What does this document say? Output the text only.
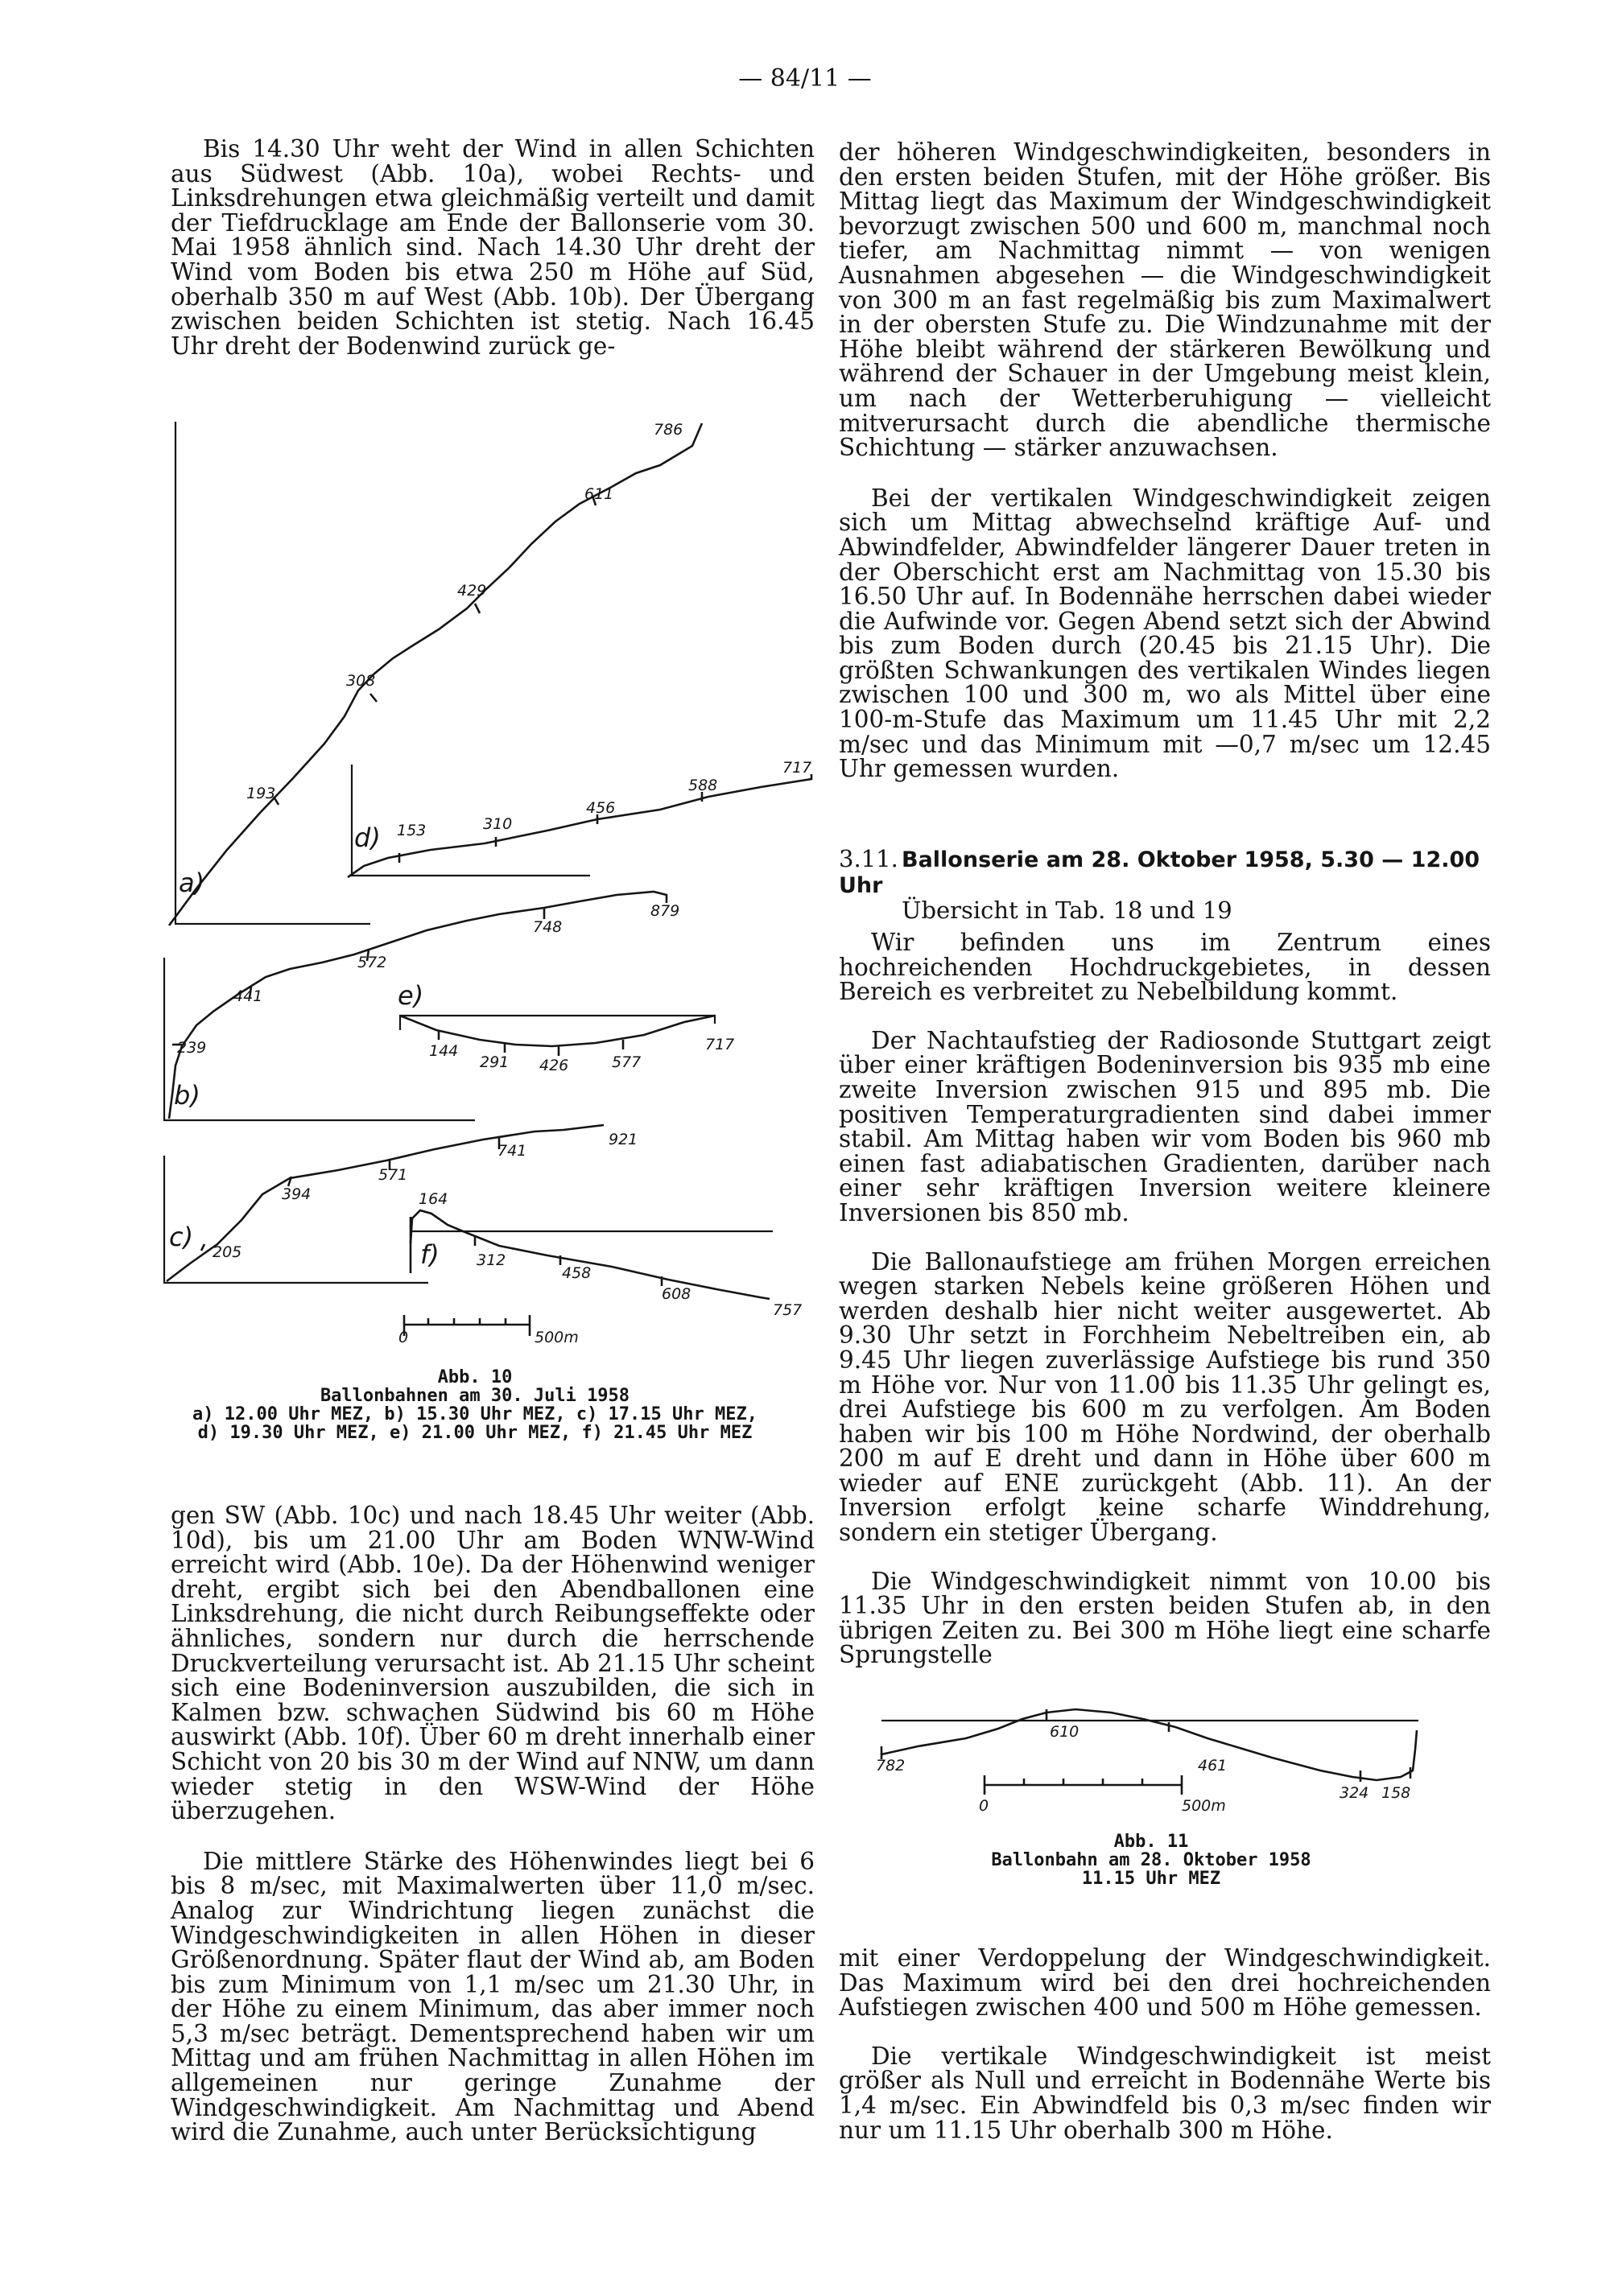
— 84/11 —

Bis 14.30 Uhr weht der Wind in allen Schichten aus Südwest (Abb. 10a), wobei Rechts- und Linksdrehungen etwa gleichmäßig verteilt und damit der Tiefdrucklage am Ende der Ballonserie vom 30. Mai 1958 ähnlich sind. Nach 14.30 Uhr dreht der Wind vom Boden bis etwa 250 m Höhe auf Süd, oberhalb 350 m auf West (Abb. 10b). Der Übergang zwischen beiden Schichten ist stetig. Nach 16.45 Uhr dreht der Bodenwind zurück ge-

a)
193
308
429
611
786
d) 153	310
456
588
717
b)
239
441
572
748
879
e)
144
291 426	577
717
c) 205
394
571
741
921
f)
164
312
458
608
757
0	500m
Abb. 10
Ballonbahnen am 30. Juli 1958
a) 12.00 Uhr MEZ, b) 15.30 Uhr MEZ, c) 17.15 Uhr MEZ,
d) 19.30 Uhr MEZ, e) 21.00 Uhr MEZ, f) 21.45 Uhr MEZ

gen SW (Abb. 10c) und nach 18.45 Uhr weiter (Abb. 10d), bis um 21.00 Uhr am Boden WNW-Wind erreicht wird (Abb. 10e). Da der Höhenwind weniger dreht, ergibt sich bei den Abendballonen eine Linksdrehung, die nicht durch Reibungseffekte oder ähnliches, sondern nur durch die herrschende Druckverteilung verursacht ist. Ab 21.15 Uhr scheint sich eine Bodeninversion auszubilden, die sich in Kalmen bzw. schwachen Südwind bis 60 m Höhe auswirkt (Abb. 10f). Über 60 m dreht innerhalb einer Schicht von 20 bis 30 m der Wind auf NNW, um dann wieder stetig in den WSW-Wind der Höhe überzugehen.

Die mittlere Stärke des Höhenwindes liegt bei 6 bis 8 m/sec, mit Maximalwerten über 11,0 m/sec. Analog zur Windrichtung liegen zunächst die Windgeschwindigkeiten in allen Höhen in dieser Größenordnung. Später flaut der Wind ab, am Boden bis zum Minimum von 1,1 m/sec um 21.30 Uhr, in der Höhe zu einem Minimum, das aber immer noch 5,3 m/sec beträgt. Dementsprechend haben wir um Mittag und am frühen Nachmittag in allen Höhen im allgemeinen nur geringe Zunahme der Windgeschwindigkeit. Am Nachmittag und Abend wird die Zunahme, auch unter Berücksichtigung

der höheren Windgeschwindigkeiten, besonders in den ersten beiden Stufen, mit der Höhe größer. Bis Mittag liegt das Maximum der Windgeschwindigkeit bevorzugt zwischen 500 und 600 m, manchmal noch tiefer, am Nachmittag nimmt — von wenigen Ausnahmen abgesehen — die Windgeschwindigkeit von 300 m an fast regelmäßig bis zum Maximalwert in der obersten Stufe zu. Die Windzunahme mit der Höhe bleibt während der stärkeren Bewölkung und während der Schauer in der Umgebung meist klein, um nach der Wetterberuhigung — vielleicht mitverursacht durch die abendliche thermische Schichtung — stärker anzuwachsen.

Bei der vertikalen Windgeschwindigkeit zeigen sich um Mittag abwechselnd kräftige Auf- und Abwindfelder, Abwindfelder längerer Dauer treten in der Oberschicht erst am Nachmittag von 15.30 bis 16.50 Uhr auf. In Bodennähe herrschen dabei wieder die Aufwinde vor. Gegen Abend setzt sich der Abwind bis zum Boden durch (20.45 bis 21.15 Uhr). Die größten Schwankungen des vertikalen Windes liegen zwischen 100 und 300 m, wo als Mittel über eine 100-m-Stufe das Maximum um 11.45 Uhr mit 2,2 m/sec und das Minimum mit —0,7 m/sec um 12.45 Uhr gemessen wurden.

3.11. Ballonserie am 28. Oktober 1958, 5.30 — 12.00 Uhr
Übersicht in Tab. 18 und 19

Wir befinden uns im Zentrum eines hochreichenden Hochdruckgebietes, in dessen Bereich es verbreitet zu Nebelbildung kommt.

Der Nachtaufstieg der Radiosonde Stuttgart zeigt über einer kräftigen Bodeninversion bis 935 mb eine zweite Inversion zwischen 915 und 895 mb. Die positiven Temperaturgradienten sind dabei immer stabil. Am Mittag haben wir vom Boden bis 960 mb einen fast adiabatischen Gradienten, darüber nach einer sehr kräftigen Inversion weitere kleinere Inversionen bis 850 mb.

Die Ballonaufstiege am frühen Morgen erreichen wegen starken Nebels keine größeren Höhen und werden deshalb hier nicht weiter ausgewertet. Ab 9.30 Uhr setzt in Forchheim Nebeltreiben ein, ab 9.45 Uhr liegen zuverlässige Aufstiege bis rund 350 m Höhe vor. Nur von 11.00 bis 11.35 Uhr gelingt es, drei Aufstiege bis 600 m zu verfolgen. Am Boden haben wir bis 100 m Höhe Nordwind, der oberhalb 200 m auf E dreht und dann in Höhe über 600 m wieder auf ENE zurückgeht (Abb. 11). An der Inversion erfolgt keine scharfe Winddrehung, sondern ein stetiger Übergang.

Die Windgeschwindigkeit nimmt von 10.00 bis 11.35 Uhr in den ersten beiden Stufen ab, in den übrigen Zeiten zu. Bei 300 m Höhe liegt eine scharfe Sprungstelle

782
610
461
324 158
0	500m
Abb. 11
Ballonbahn am 28. Oktober 1958
11.15 Uhr MEZ

mit einer Verdoppelung der Windgeschwindigkeit. Das Maximum wird bei den drei hochreichenden Aufstiegen zwischen 400 und 500 m Höhe gemessen.

Die vertikale Windgeschwindigkeit ist meist größer als Null und erreicht in Bodennähe Werte bis 1,4 m/sec. Ein Abwindfeld bis 0,3 m/sec finden wir nur um 11.15 Uhr oberhalb 300 m Höhe.
